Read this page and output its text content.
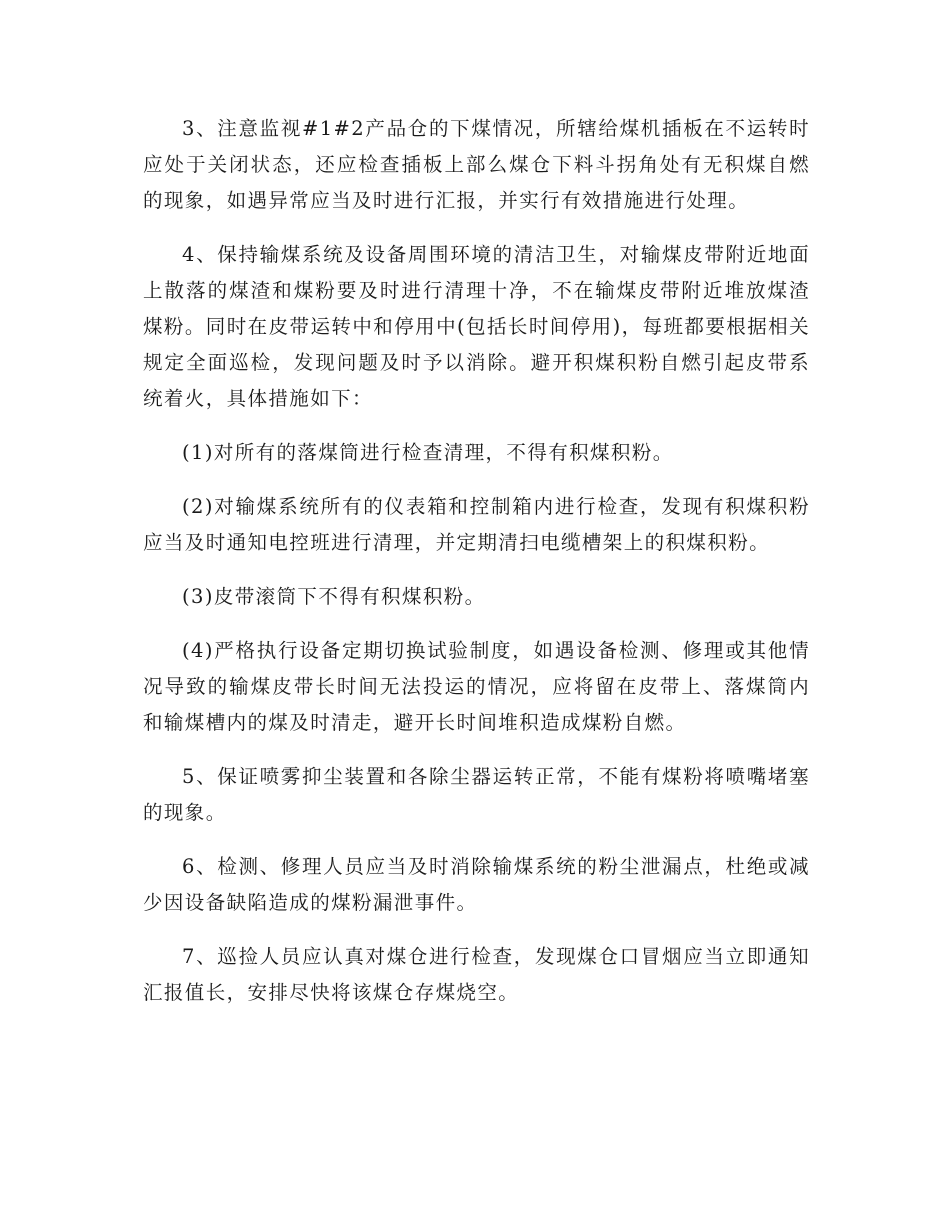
3、注意监视#1#2产品仓的下煤情况，所辖给煤机插板在不运转时应处于关闭状态，还应检查插板上部么煤仓下料斗拐角处有无积煤自燃的现象，如遇异常应当及时进行汇报，并实行有效措施进行处理。

4、保持输煤系统及设备周围环境的清洁卫生，对输煤皮带附近地面上散落的煤渣和煤粉要及时进行清理十净，不在输煤皮带附近堆放煤渣煤粉。同时在皮带运转中和停用中(包括长时间停用)，每班都要根据相关规定全面巡检，发现问题及时予以消除。避开积煤积粉自燃引起皮带系统着火，具体措施如下：

(1)对所有的落煤筒进行检查清理，不得有积煤积粉。

(2)对输煤系统所有的仪表箱和控制箱内进行检查，发现有积煤积粉应当及时通知电控班进行清理，并定期清扫电缆槽架上的积煤积粉。

(3)皮带滚筒下不得有积煤积粉。

(4)严格执行设备定期切换试验制度，如遇设备检测、修理或其他情况导致的输煤皮带长时间无法投运的情况，应将留在皮带上、落煤筒内和输煤槽内的煤及时清走，避开长时间堆积造成煤粉自燃。

5、保证喷雾抑尘装置和各除尘器运转正常，不能有煤粉将喷嘴堵塞的现象。

6、检测、修理人员应当及时消除输煤系统的粉尘泄漏点，杜绝或减少因设备缺陷造成的煤粉漏泄事件。

7、巡捡人员应认真对煤仓进行检查，发现煤仓口冒烟应当立即通知汇报值长，安排尽快将该煤仓存煤烧空。
